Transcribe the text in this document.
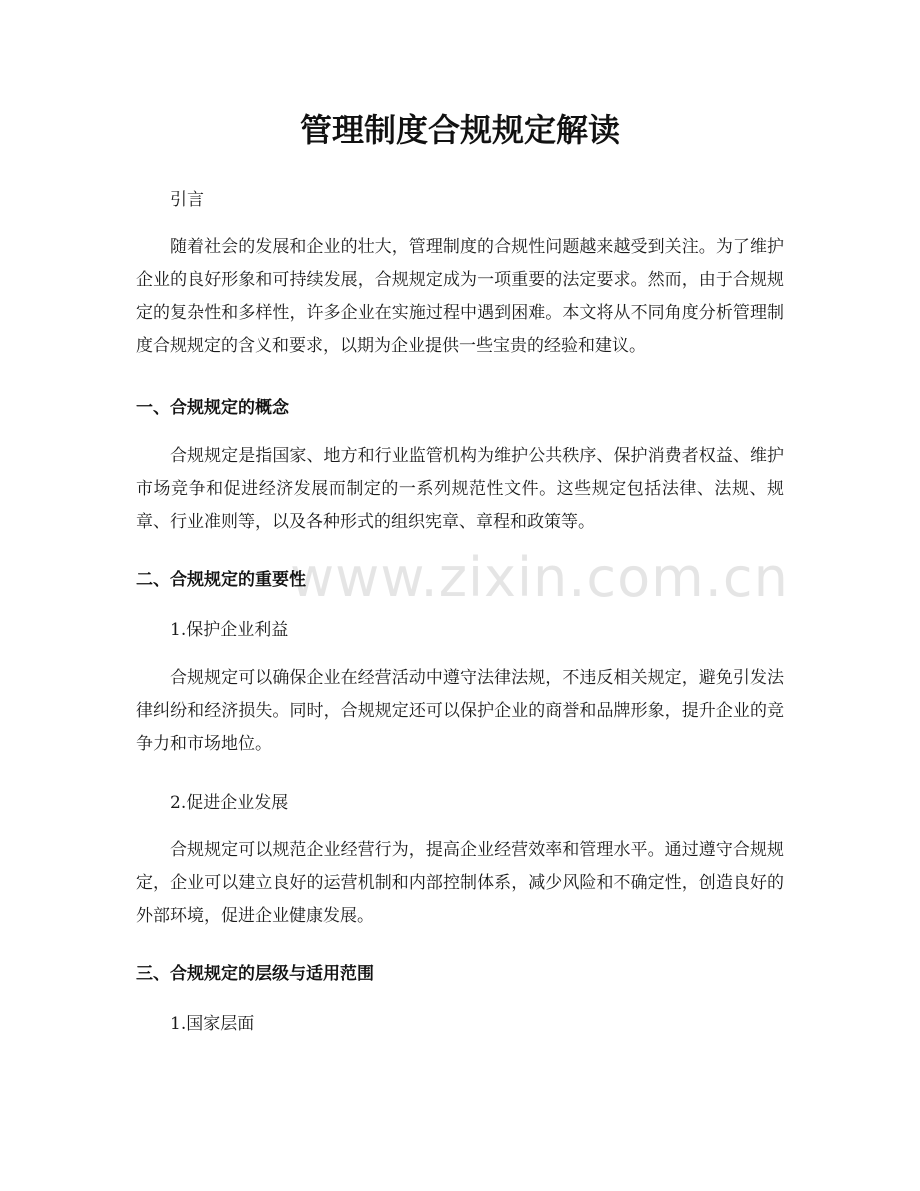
管理制度合规规定解读
www.zixin.com.cn

引言

随着社会的发展和企业的壮大，管理制度的合规性问题越来越受到关注。为了维护企业的良好形象和可持续发展，合规规定成为一项重要的法定要求。然而，由于合规规定的复杂性和多样性，许多企业在实施过程中遇到困难。本文将从不同角度分析管理制度合规规定的含义和要求，以期为企业提供一些宝贵的经验和建议。

一、合规规定的概念

合规规定是指国家、地方和行业监管机构为维护公共秩序、保护消费者权益、维护市场竞争和促进经济发展而制定的一系列规范性文件。这些规定包括法律、法规、规章、行业准则等，以及各种形式的组织宪章、章程和政策等。

二、合规规定的重要性

1.保护企业利益

合规规定可以确保企业在经营活动中遵守法律法规，不违反相关规定，避免引发法律纠纷和经济损失。同时，合规规定还可以保护企业的商誉和品牌形象，提升企业的竞争力和市场地位。

2.促进企业发展

合规规定可以规范企业经营行为，提高企业经营效率和管理水平。通过遵守合规规定，企业可以建立良好的运营机制和内部控制体系，减少风险和不确定性，创造良好的外部环境，促进企业健康发展。

三、合规规定的层级与适用范围

1.国家层面
